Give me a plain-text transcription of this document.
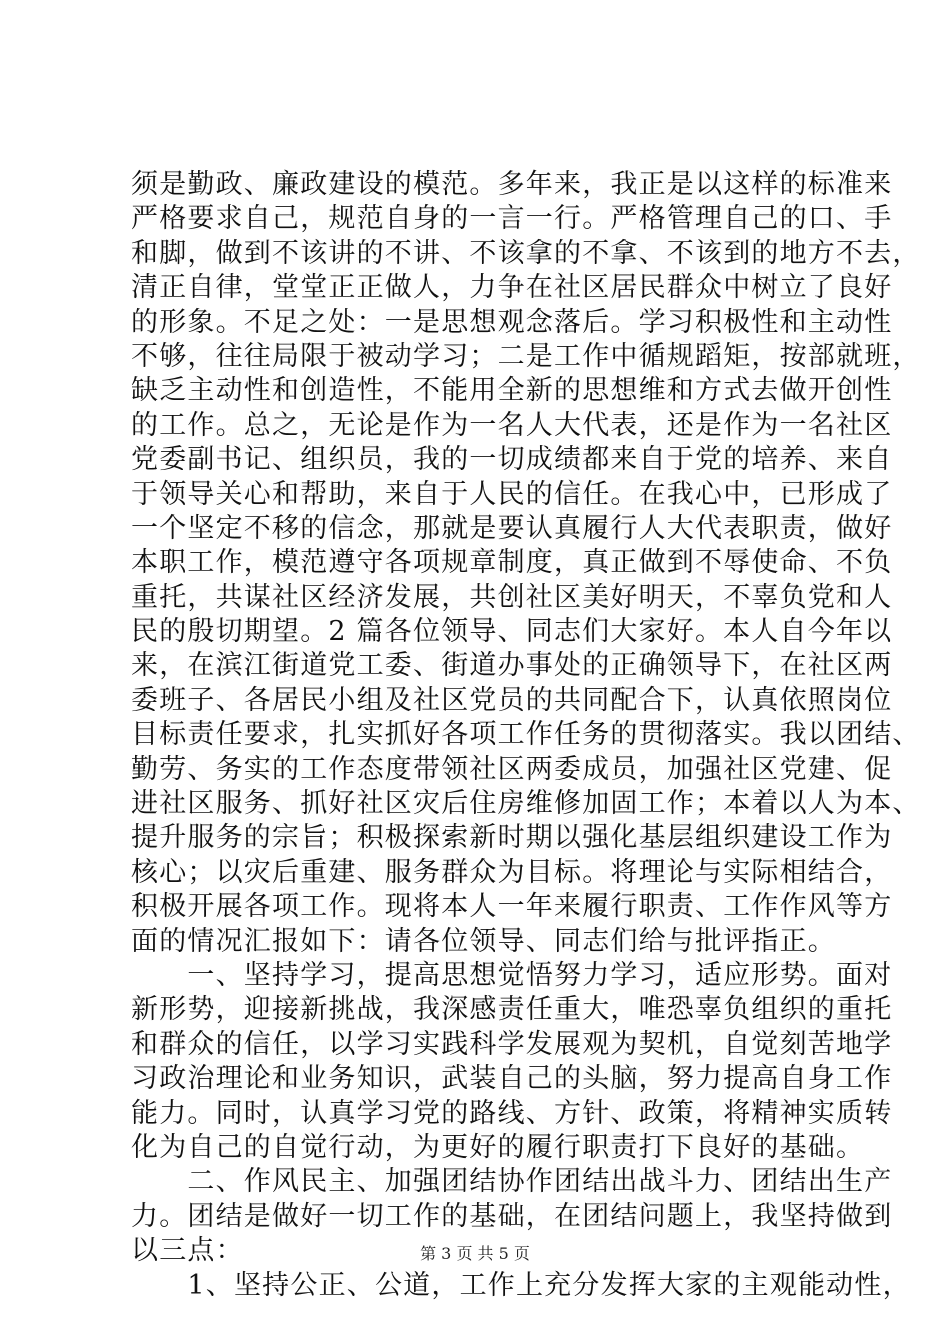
须是勤政、廉政建设的模范。多年来，我正是以这样的标准来
严格要求自己，规范自身的一言一行。严格管理自己的口、手
和脚，做到不该讲的不讲、不该拿的不拿、不该到的地方不去，
清正自律，堂堂正正做人，力争在社区居民群众中树立了良好
的形象。不足之处：一是思想观念落后。学习积极性和主动性
不够，往往局限于被动学习；二是工作中循规蹈矩，按部就班，
缺乏主动性和创造性，不能用全新的思想维和方式去做开创性
的工作。总之，无论是作为一名人大代表，还是作为一名社区
党委副书记、组织员，我的一切成绩都来自于党的培养、来自
于领导关心和帮助，来自于人民的信任。在我心中，已形成了
一个坚定不移的信念，那就是要认真履行人大代表职责，做好
本职工作，模范遵守各项规章制度，真正做到不辱使命、不负
重托，共谋社区经济发展，共创社区美好明天，不辜负党和人
民的殷切期望。2 篇各位领导、同志们大家好。本人自今年以
来，在滨江街道党工委、街道办事处的正确领导下，在社区两
委班子、各居民小组及社区党员的共同配合下，认真依照岗位
目标责任要求，扎实抓好各项工作任务的贯彻落实。我以团结、
勤劳、务实的工作态度带领社区两委成员，加强社区党建、促
进社区服务、抓好社区灾后住房维修加固工作；本着以人为本、
提升服务的宗旨；积极探索新时期以强化基层组织建设工作为
核心；以灾后重建、服务群众为目标。将理论与实际相结合，
积极开展各项工作。现将本人一年来履行职责、工作作风等方
面的情况汇报如下：请各位领导、同志们给与批评指正。
　　一、坚持学习，提高思想觉悟努力学习，适应形势。面对
新形势，迎接新挑战，我深感责任重大，唯恐辜负组织的重托
和群众的信任，以学习实践科学发展观为契机，自觉刻苦地学
习政治理论和业务知识，武装自己的头脑，努力提高自身工作
能力。同时，认真学习党的路线、方针、政策，将精神实质转
化为自己的自觉行动，为更好的履行职责打下良好的基础。
　　二、作风民主、加强团结协作团结出战斗力、团结出生产
力。团结是做好一切工作的基础，在团结问题上，我坚持做到
以三点：
　　1、坚持公正、公道，工作上充分发挥大家的主观能动性，
第 3 页 共 5 页
